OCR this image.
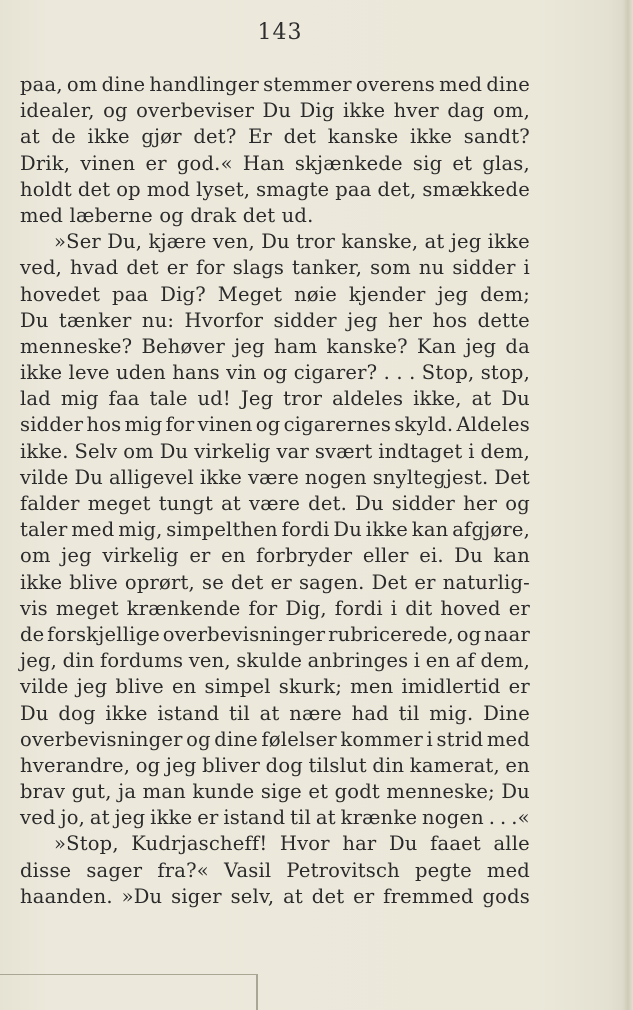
143
paa, om dine handlinger stemmer overens med dine
idealer, og overbeviser Du Dig ikke hver dag om,
at de ikke gjør det? Er det kanske ikke sandt?
Drik, vinen er god.« Han skjænkede sig et glas,
holdt det op mod lyset, smagte paa det, smækkede
med læberne og drak det ud.
»Ser Du, kjære ven, Du tror kanske, at jeg ikke
ved, hvad det er for slags tanker, som nu sidder i
hovedet paa Dig? Meget nøie kjender jeg dem;
Du tænker nu: Hvorfor sidder jeg her hos dette
menneske? Behøver jeg ham kanske? Kan jeg da
ikke leve uden hans vin og cigarer? . . . Stop, stop,
lad mig faa tale ud! Jeg tror aldeles ikke, at Du
sidder hos mig for vinen og cigarernes skyld. Aldeles
ikke. Selv om Du virkelig var svært indtaget i dem,
vilde Du alligevel ikke være nogen snyltegjest. Det
falder meget tungt at være det. Du sidder her og
taler med mig, simpelthen fordi Du ikke kan afgjøre,
om jeg virkelig er en forbryder eller ei. Du kan
ikke blive oprørt, se det er sagen. Det er naturlig-
vis meget krænkende for Dig, fordi i dit hoved er
de forskjellige overbevisninger rubricerede, og naar
jeg, din fordums ven, skulde anbringes i en af dem,
vilde jeg blive en simpel skurk; men imidlertid er
Du dog ikke istand til at nære had til mig. Dine
overbevisninger og dine følelser kommer i strid med
hverandre, og jeg bliver dog tilslut din kamerat, en
brav gut, ja man kunde sige et godt menneske; Du
ved jo, at jeg ikke er istand til at krænke nogen . . .«
»Stop, Kudrjascheff! Hvor har Du faaet alle
disse sager fra?« Vasil Petrovitsch pegte med
haanden. »Du siger selv, at det er fremmed gods
